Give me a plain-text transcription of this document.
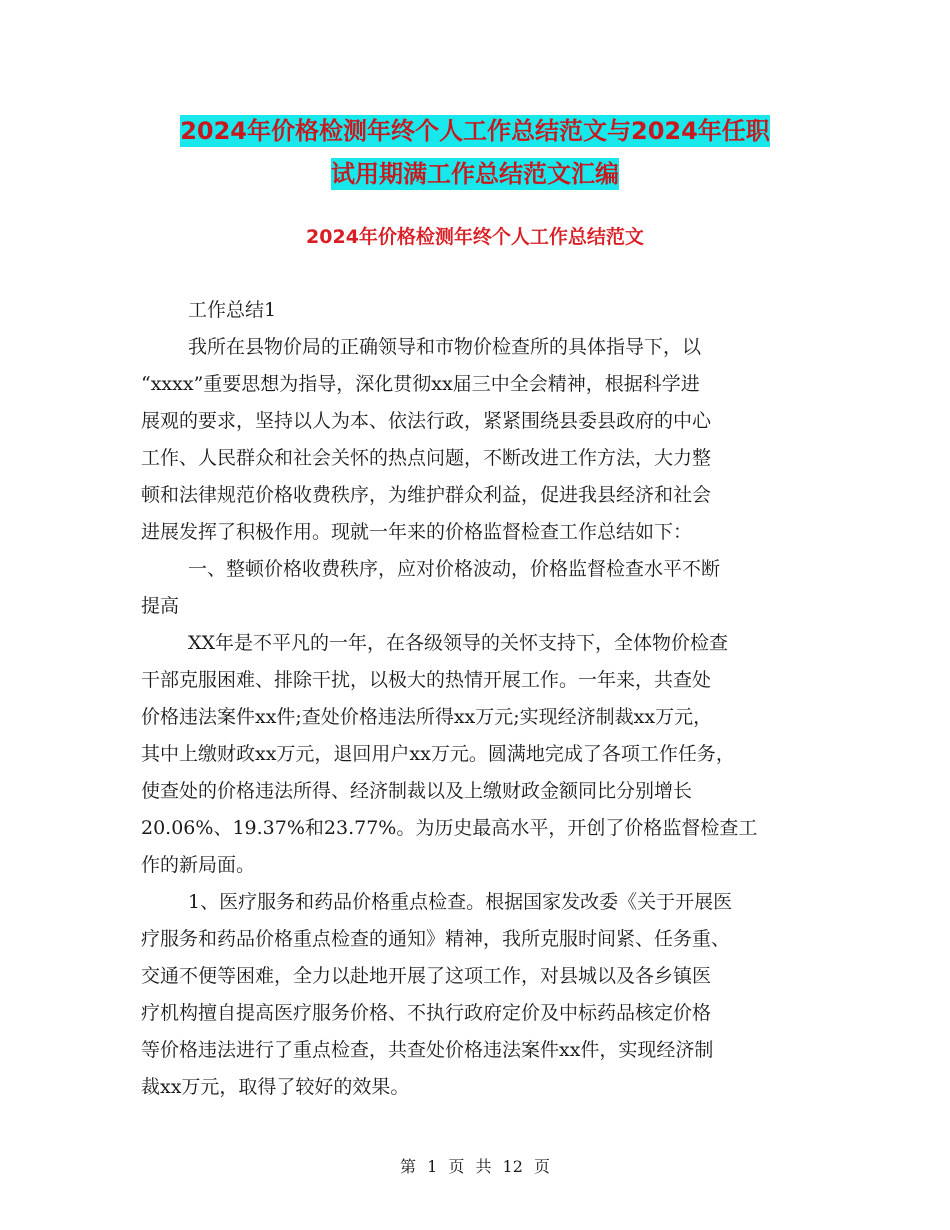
2024年价格检测年终个人工作总结范文与2024年任职
试用期满工作总结范文汇编
2024年价格检测年终个人工作总结范文
工作总结1
我所在县物价局的正确领导和市物价检查所的具体指导下，以
“xxxx”重要思想为指导，深化贯彻xx届三中全会精神，根据科学进
展观的要求，坚持以人为本、依法行政，紧紧围绕县委县政府的中心
工作、人民群众和社会关怀的热点问题，不断改进工作方法，大力整
顿和法律规范价格收费秩序，为维护群众利益，促进我县经济和社会
进展发挥了积极作用。现就一年来的价格监督检查工作总结如下：
一、整顿价格收费秩序，应对价格波动，价格监督检查水平不断
提高
XX年是不平凡的一年，在各级领导的关怀支持下，全体物价检查
干部克服困难、排除干扰，以极大的热情开展工作。一年来，共查处
价格违法案件xx件;查处价格违法所得xx万元;实现经济制裁xx万元，
其中上缴财政xx万元，退回用户xx万元。圆满地完成了各项工作任务，
使查处的价格违法所得、经济制裁以及上缴财政金额同比分别增长
20.06%、19.37%和23.77%。为历史最高水平，开创了价格监督检查工
作的新局面。
1、医疗服务和药品价格重点检查。根据国家发改委《关于开展医
疗服务和药品价格重点检查的通知》精神，我所克服时间紧、任务重、
交通不便等困难，全力以赴地开展了这项工作，对县城以及各乡镇医
疗机构擅自提高医疗服务价格、不执行政府定价及中标药品核定价格
等价格违法进行了重点检查，共查处价格违法案件xx件，实现经济制
裁xx万元，取得了较好的效果。
第 1 页 共 12 页
